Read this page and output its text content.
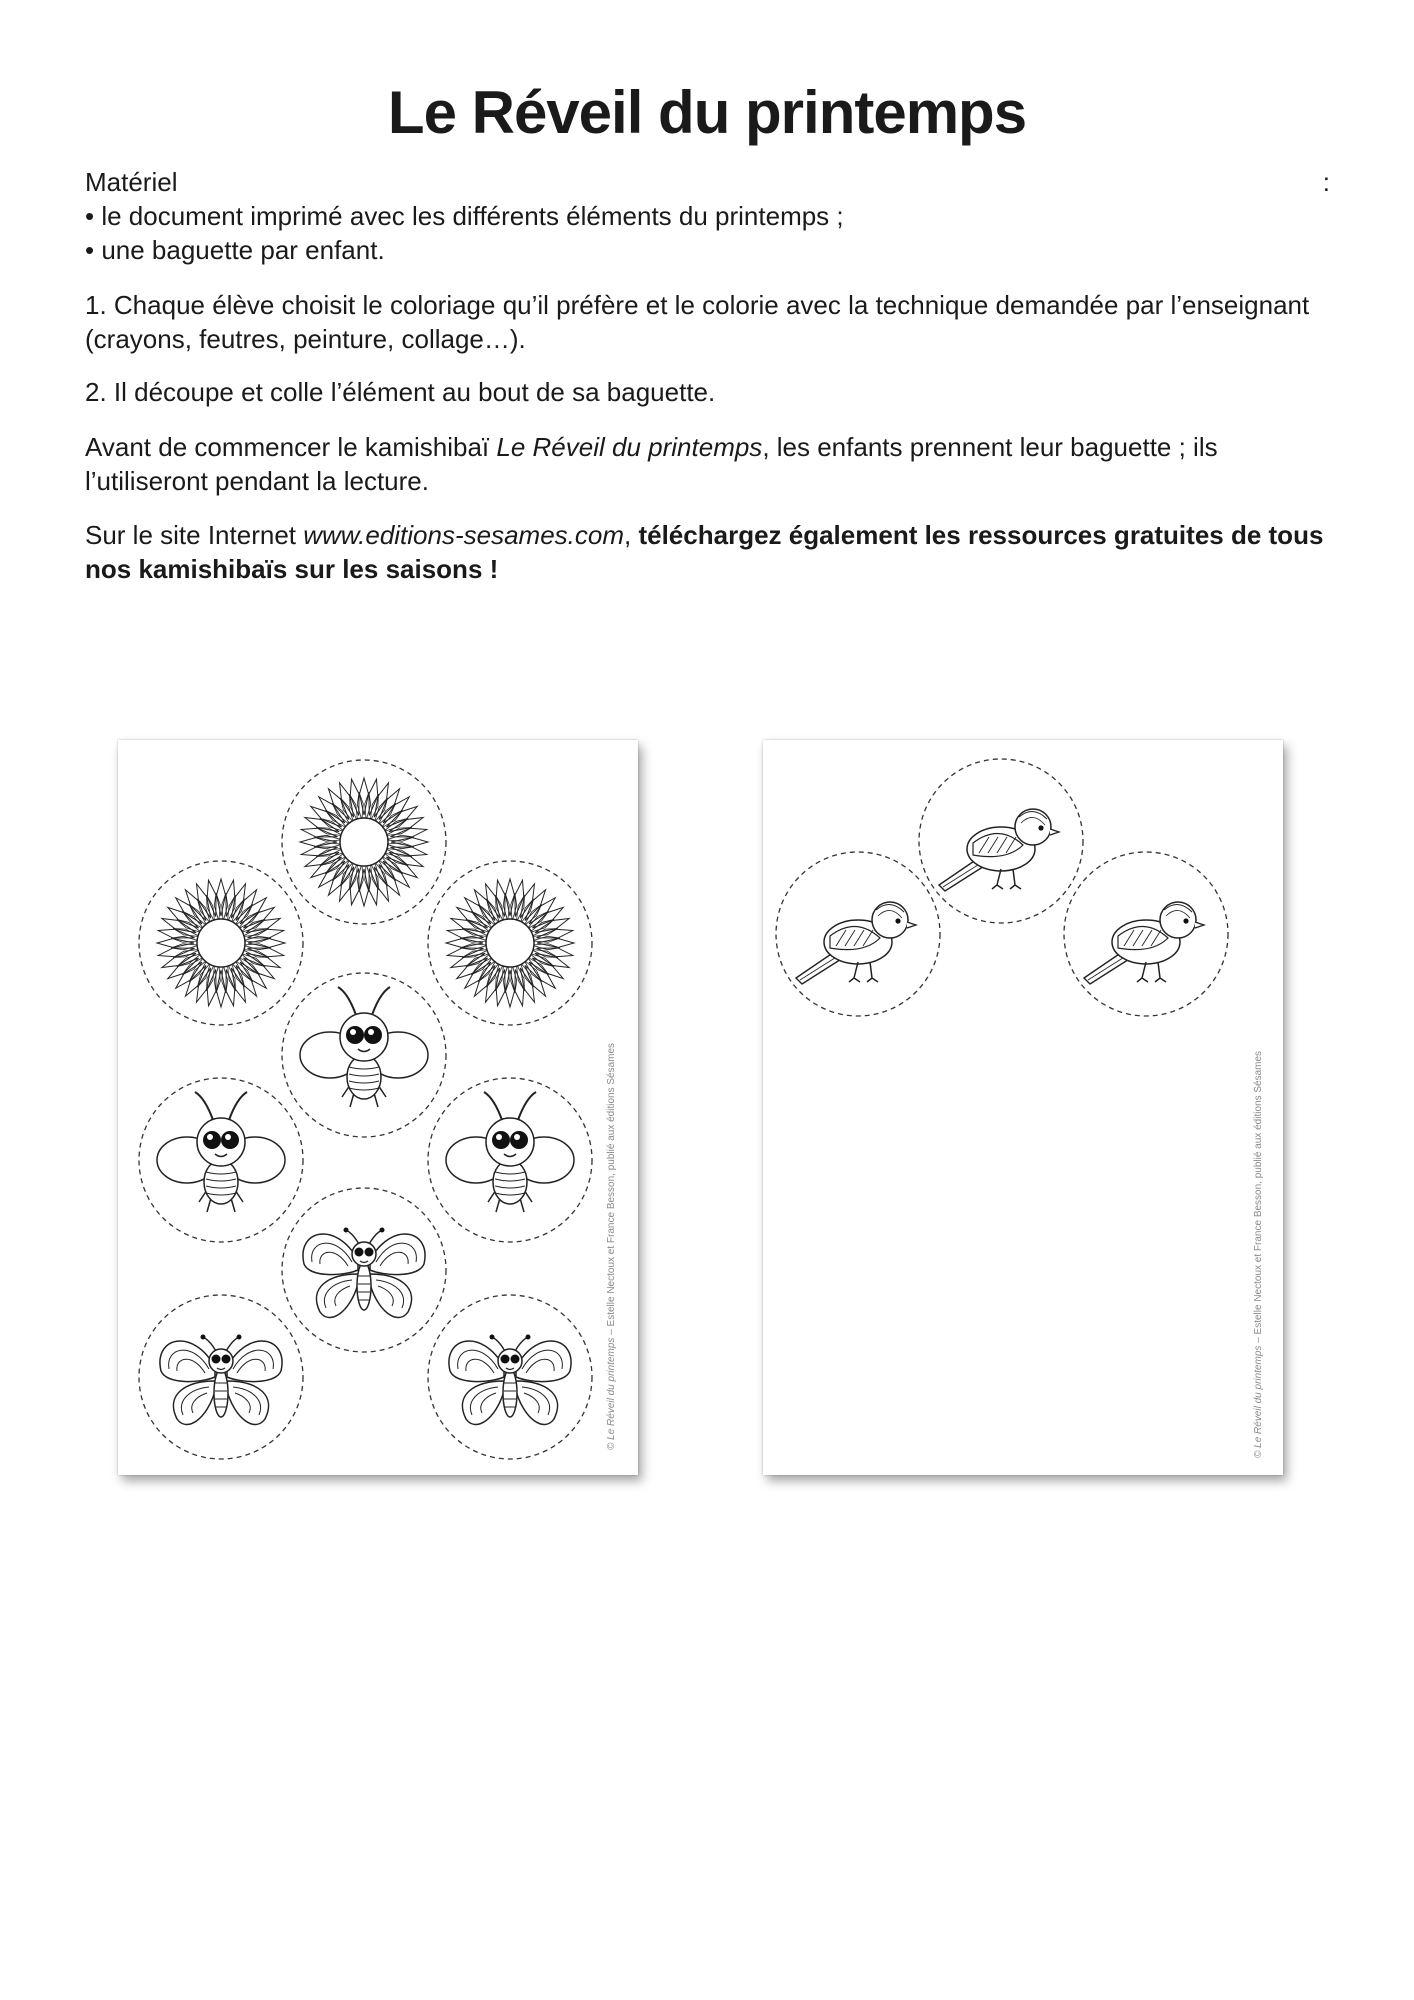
Le Réveil du printemps
Matériel	:
• le document imprimé avec les différents éléments du printemps ;
• une baguette par enfant.
1. Chaque élève choisit le coloriage qu’il préfère et le colorie avec la technique demandée par l’enseignant (crayons, feutres, peinture, collage…).
2. Il découpe et colle l’élément au bout de sa baguette.
Avant de commencer le kamishibaï Le Réveil du printemps, les enfants prennent leur baguette ; ils l’utiliseront pendant la lecture.
Sur le site Internet www.editions-sesames.com, téléchargez également les ressources gratuites de tous nos kamishibaïs sur les saisons !
© Le Réveil du printemps – Estelle Nectoux et France Besson, publié aux éditions Sésames
© Le Réveil du printemps – Estelle Nectoux et France Besson, publié aux éditions Sésames
